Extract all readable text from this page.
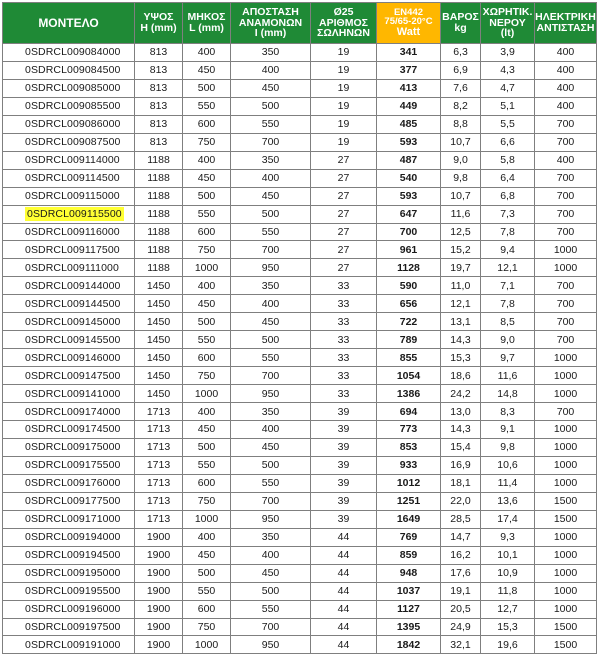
ΜΟΝΤΕΛΟ	ΥΨΟΣ
H (mm)	ΜΗΚΟΣ
L (mm)	ΑΠΟΣΤΑΣΗ
ΑΝΑΜΟΝΩΝ
I (mm)	Ø25
ΑΡΙΘΜΟΣ
ΣΩΛΗΝΩΝ	EN442
75/65-20°C
Watt	ΒΑΡΟΣ
kg	ΧΩΡΗΤΙΚ.
ΝΕΡΟΥ
(lt)	ΗΛΕΚΤΡΙΚΗ
ΑΝΤΙΣΤΑΣΗ

0SDRCL009084000	813	400	350	19	341	6,3	3,9	400
0SDRCL009084500	813	450	400	19	377	6,9	4,3	400
0SDRCL009085000	813	500	450	19	413	7,6	4,7	400
0SDRCL009085500	813	550	500	19	449	8,2	5,1	400
0SDRCL009086000	813	600	550	19	485	8,8	5,5	700
0SDRCL009087500	813	750	700	19	593	10,7	6,6	700
0SDRCL009114000	1188	400	350	27	487	9,0	5,8	400
0SDRCL009114500	1188	450	400	27	540	9,8	6,4	700
0SDRCL009115000	1188	500	450	27	593	10,7	6,8	700
0SDRCL009115500	1188	550	500	27	647	11,6	7,3	700
0SDRCL009116000	1188	600	550	27	700	12,5	7,8	700
0SDRCL009117500	1188	750	700	27	961	15,2	9,4	1000
0SDRCL009111000	1188	1000	950	27	1128	19,7	12,1	1000
0SDRCL009144000	1450	400	350	33	590	11,0	7,1	700
0SDRCL009144500	1450	450	400	33	656	12,1	7,8	700
0SDRCL009145000	1450	500	450	33	722	13,1	8,5	700
0SDRCL009145500	1450	550	500	33	789	14,3	9,0	700
0SDRCL009146000	1450	600	550	33	855	15,3	9,7	1000
0SDRCL009147500	1450	750	700	33	1054	18,6	11,6	1000
0SDRCL009141000	1450	1000	950	33	1386	24,2	14,8	1000
0SDRCL009174000	1713	400	350	39	694	13,0	8,3	700
0SDRCL009174500	1713	450	400	39	773	14,3	9,1	1000
0SDRCL009175000	1713	500	450	39	853	15,4	9,8	1000
0SDRCL009175500	1713	550	500	39	933	16,9	10,6	1000
0SDRCL009176000	1713	600	550	39	1012	18,1	11,4	1000
0SDRCL009177500	1713	750	700	39	1251	22,0	13,6	1500
0SDRCL009171000	1713	1000	950	39	1649	28,5	17,4	1500
0SDRCL009194000	1900	400	350	44	769	14,7	9,3	1000
0SDRCL009194500	1900	450	400	44	859	16,2	10,1	1000
0SDRCL009195000	1900	500	450	44	948	17,6	10,9	1000
0SDRCL009195500	1900	550	500	44	1037	19,1	11,8	1000
0SDRCL009196000	1900	600	550	44	1127	20,5	12,7	1000
0SDRCL009197500	1900	750	700	44	1395	24,9	15,3	1500
0SDRCL009191000	1900	1000	950	44	1842	32,1	19,6	1500
